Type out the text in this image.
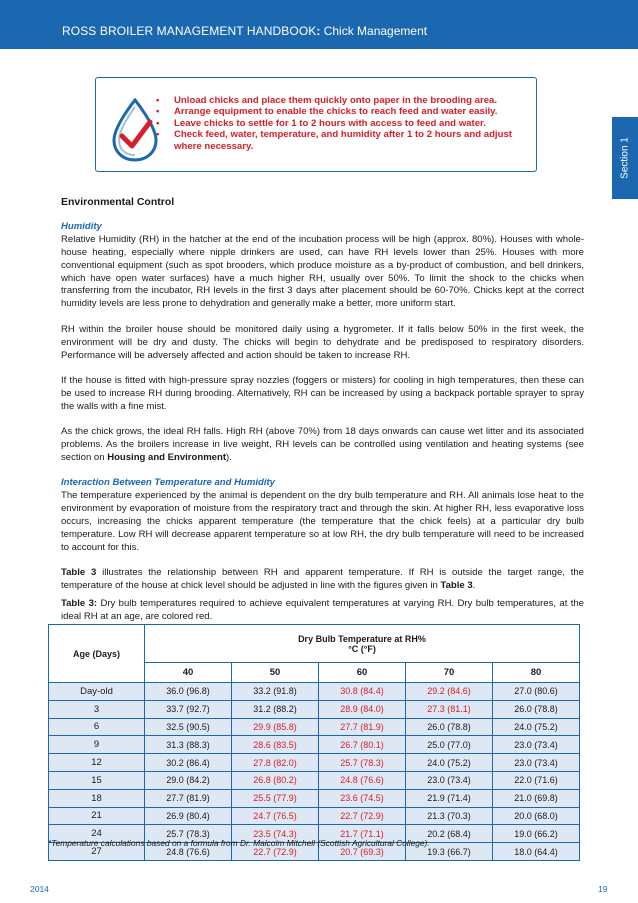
ROSS BROILER MANAGEMENT HANDBOOK: Chick Management
Section 1
• Unload chicks and place them quickly onto paper in the brooding area.
• Arrange equipment to enable the chicks to reach feed and water easily.
• Leave chicks to settle for 1 to 2 hours with access to feed and water.
• Check feed, water, temperature, and humidity after 1 to 2 hours and adjust where necessary.
Environmental Control
Humidity

Relative Humidity (RH) in the hatcher at the end of the incubation process will be high (approx. 80%). Houses with whole-house heating, especially where nipple drinkers are used, can have RH levels lower than 25%. Houses with more conventional equipment (such as spot brooders, which produce moisture as a by-product of combustion, and bell drinkers, which have open water surfaces) have a much higher RH, usually over 50%. To limit the shock to the chicks when transferring from the incubator, RH levels in the first 3 days after placement should be 60-70%. Chicks kept at the correct humidity levels are less prone to dehydration and generally make a better, more uniform start.

RH within the broiler house should be monitored daily using a hygrometer. If it falls below 50% in the first week, the environment will be dry and dusty. The chicks will begin to dehydrate and be predisposed to respiratory disorders. Performance will be adversely affected and action should be taken to increase RH.

If the house is fitted with high-pressure spray nozzles (foggers or misters) for cooling in high temperatures, then these can be used to increase RH during brooding. Alternatively, RH can be increased by using a backpack portable sprayer to spray the walls with a fine mist.

As the chick grows, the ideal RH falls. High RH (above 70%) from 18 days onwards can cause wet litter and its associated problems. As the broilers increase in live weight, RH levels can be controlled using ventilation and heating systems (see section on Housing and Environment).

Interaction Between Temperature and Humidity

The temperature experienced by the animal is dependent on the dry bulb temperature and RH. All animals lose heat to the environment by evaporation of moisture from the respiratory tract and through the skin. At higher RH, less evaporative loss occurs, increasing the chicks apparent temperature (the temperature that the chick feels) at a particular dry bulb temperature. Low RH will decrease apparent temperature so at low RH, the dry bulb temperature will need to be increased to account for this.

Table 3 illustrates the relationship between RH and apparent temperature. If RH is outside the target range, the temperature of the house at chick level should be adjusted in line with the figures given in Table 3.

Table 3: Dry bulb temperatures required to achieve equivalent temperatures at varying RH. Dry bulb temperatures, at the ideal RH at an age, are colored red.
Age (Days)	Dry Bulb Temperature at RH%
°C (°F)				

	40	50	60	70	80
Day-old	36.0 (96.8)	33.2 (91.8)	30.8 (84.4)	29.2 (84.6)	27.0 (80.6)
3	33.7 (92.7)	31.2 (88.2)	28.9 (84.0)	27.3 (81.1)	26.0 (78.8)
6	32.5 (90.5)	29.9 (85.8)	27.7 (81.9)	26.0 (78.8)	24.0 (75.2)
9	31.3 (88.3)	28.6 (83.5)	26.7 (80.1)	25.0 (77.0)	23.0 (73.4)
12	30.2 (86.4)	27.8 (82.0)	25.7 (78.3)	24.0 (75.2)	23.0 (73.4)
15	29.0 (84.2)	26.8 (80.2)	24.8 (76.6)	23.0 (73.4)	22.0 (71.6)
18	27.7 (81.9)	25.5 (77.9)	23.6 (74.5)	21.9 (71.4)	21.0 (69.8)
21	26.9 (80.4)	24.7 (76.5)	22.7 (72.9)	21.3 (70.3)	20.0 (68.0)
24	25.7 (78.3)	23.5 (74.3)	21.7 (71.1)	20.2 (68.4)	19.0 (66.2)
27	24.8 (76.6)	22.7 (72.9)	20.7 (69.3)	19.3 (66.7)	18.0 (64.4)
*Temperature calculations based on a formula from Dr. Malcolm Mitchell (Scottish Agricultural College).
2014	19
